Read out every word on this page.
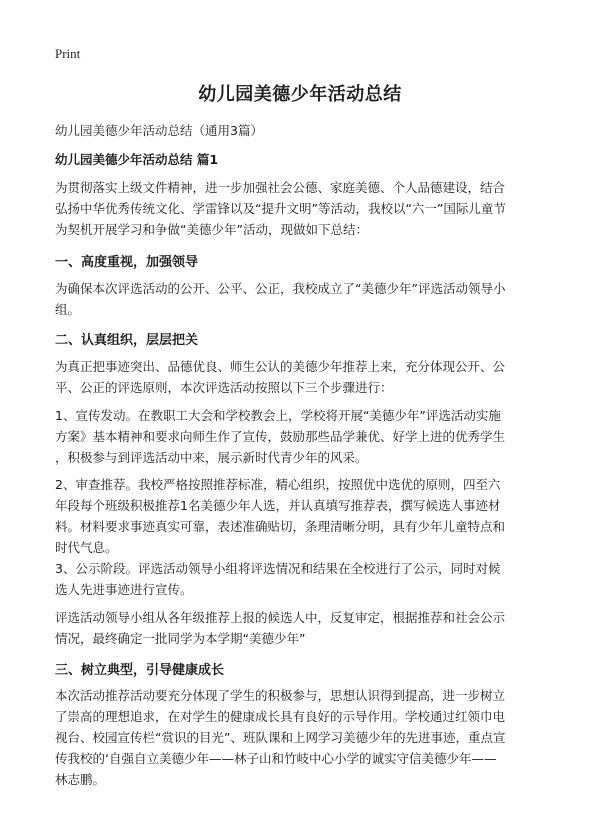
Print
幼儿园美德少年活动总结
幼儿园美德少年活动总结（通用3篇）
幼儿园美德少年活动总结 篇1

为贯彻落实上级文件精神，进一步加强社会公德、家庭美德、个人品德建设，结合
弘扬中华优秀传统文化、学雷锋以及“提升文明”等活动，我校以“六一”国际儿童节
为契机开展学习和争做“美德少年”活动，现做如下总结：

一、高度重视，加强领导

为确保本次评选活动的公开、公平、公正，我校成立了“美德少年”评选活动领导小
组。

二、认真组织，层层把关

为真正把事迹突出、品德优良、师生公认的美德少年推荐上来，充分体现公开、公
平、公正的评选原则，本次评选活动按照以下三个步骤进行：

1、宣传发动。在教职工大会和学校教会上，学校将开展“美德少年”评选活动实施
方案》基本精神和要求向师生作了宣传，鼓励那些品学兼优、好学上进的优秀学生
，积极参与到评选活动中来，展示新时代青少年的风采。

2、审查推荐。我校严格按照推荐标准，精心组织，按照优中选优的原则，四至六
年段每个班级积极推荐1名美德少年人选，并认真填写推荐表，撰写候选人事迹材
料。材料要求事迹真实可靠，表述准确贴切，条理清晰分明，具有少年儿童特点和
时代气息。

3、公示阶段。评选活动领导小组将评选情况和结果在全校进行了公示，同时对候
选人先进事迹进行宣传。

评选活动领导小组从各年级推荐上报的候选人中，反复审定，根据推荐和社会公示
情况，最终确定一批同学为本学期“美德少年”

三、树立典型，引导健康成长

本次活动推荐活动要充分体现了学生的积极参与，思想认识得到提高，进一步树立
了崇高的理想追求，在对学生的健康成长具有良好的示导作用。学校通过红领巾电
视台、校园宣传栏“赏识的目光”、班队课和上网学习美德少年的先进事迹，重点宣
传我校的‘自强自立美德少年——林子山和竹岐中心小学的诚实守信美德少年——
林志鹏。
